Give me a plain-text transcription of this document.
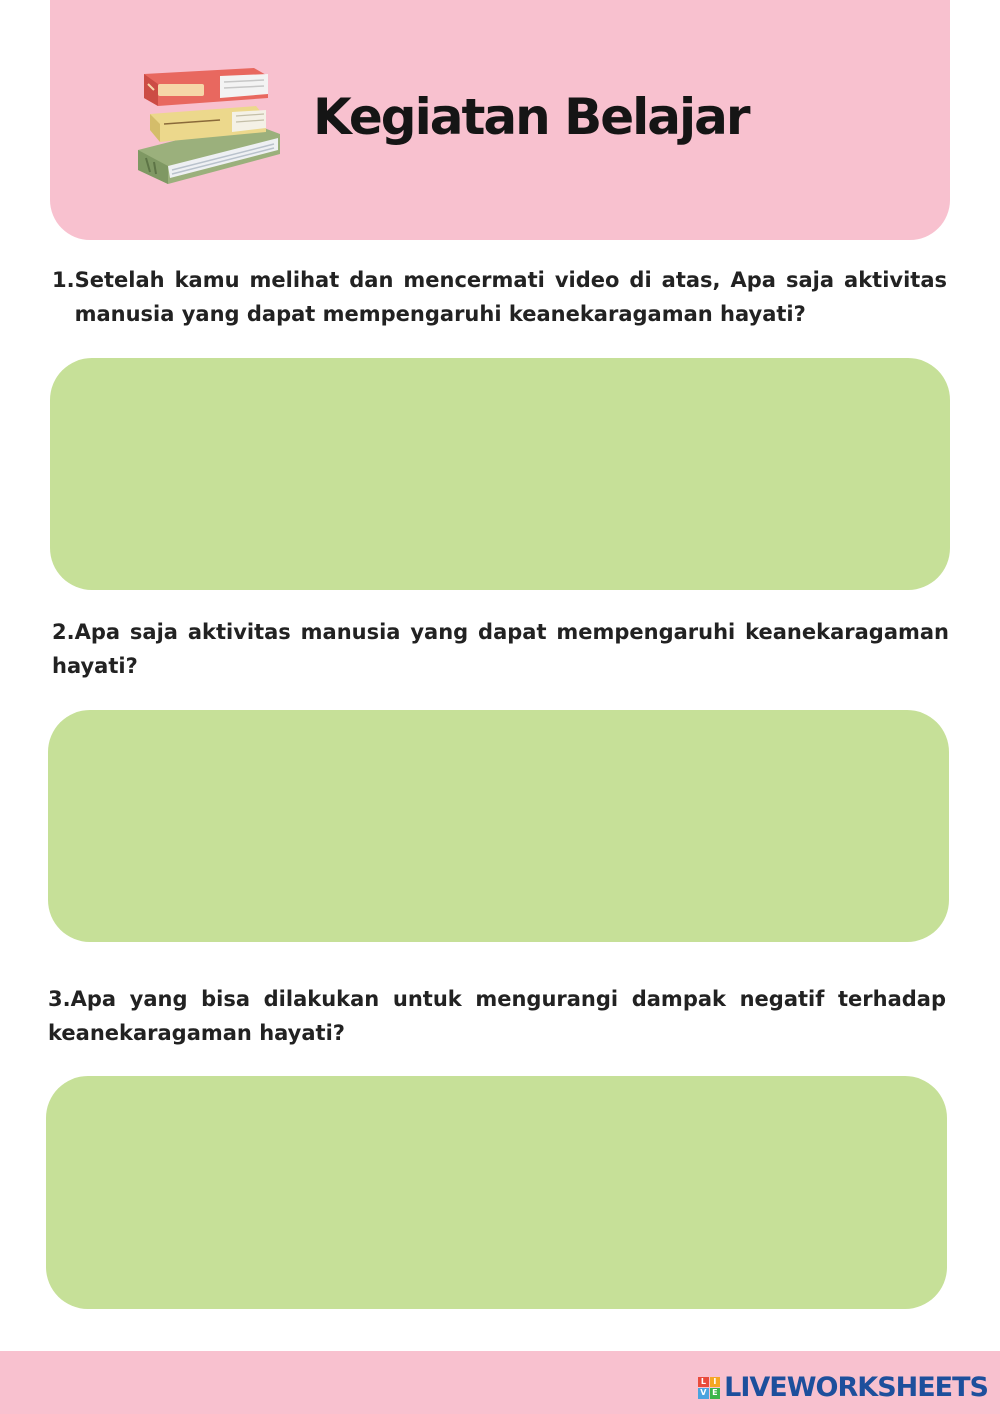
Kegiatan Belajar
1. Setelah kamu melihat dan mencermati video di atas, Apa saja aktivitas manusia yang dapat mempengaruhi keanekaragaman hayati?
2.Apa saja aktivitas manusia yang dapat mempengaruhi keanekaragaman hayati?
3.Apa yang bisa dilakukan untuk mengurangi dampak negatif terhadap keanekaragaman hayati?
L I
V E LIVEWORKSHEETS
